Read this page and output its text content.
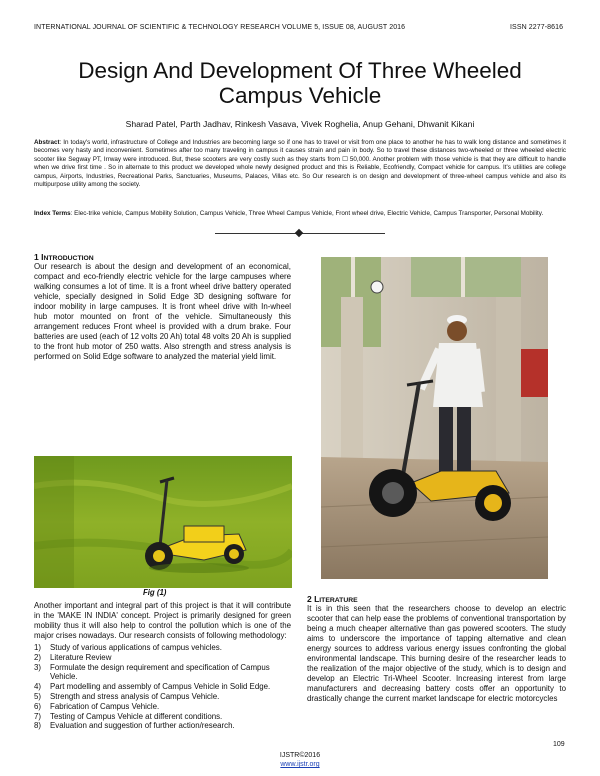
INTERNATIONAL JOURNAL OF SCIENTIFIC & TECHNOLOGY RESEARCH VOLUME 5, ISSUE 08, AUGUST 2016	ISSN 2277-8616
Design And Development Of Three Wheeled
Campus Vehicle
Sharad Patel, Parth Jadhav, Rinkesh Vasava, Vivek Roghelia, Anup Gehani, Dhwanit Kikani
Abstract: In today's world, infrastructure of College and Industries are becoming large so if one has to travel or visit from one place to another he has to walk long distance and sometimes it becomes very hasty and inconvenient. Sometimes after too many traveling in campus it causes strain and pain in body. So to travel these distances two-wheeled or three wheeled electric scooter like Segway PT, Irrway were introduced. But, these scooters are very costly such as they starts from ☐ 50,000. Another problem with those vehicle is that they are difficult to handle when we drive first time . So in alternate to this product we developed whole newly designed product and this is Reliable, Ecofriendly, Compact vehicle for campus. It's utilities are college campus, Airports, Industries, Recreational Parks, Sanctuaries, Museums, Palaces, Villas etc. So Our research is on design and development of three-wheel campus vehicle and also its multipurpose utility among the society.
Index Terms: Elec-trike vehicle, Campus Mobility Solution, Campus Vehicle, Three Wheel Campus Vehicle, Front wheel drive, Electric Vehicle, Campus Transporter, Personal Mobility.
1 INTRODUCTION
Our research is about the design and development of an economical, compact and eco-friendly electric vehicle for the large campuses where walking consumes a lot of time. It is a front wheel drive battery operated vehicle, specially designed in Solid Edge 3D designing software for indoor mobility in large campuses. It is front wheel drive with In-wheel hub motor mounted on front of the vehicle. Simultaneously this arrangement reduces Front wheel is provided with a drum brake. Four batteries are used (each of 12 volts 20 Ah) total 48 volts 20 Ah is supplied to the front hub motor of 250 watts. Also strength and stress analysis is performed on Solid Edge software to analyzed the material yield limit.
Fig (1)
Another important and integral part of this project is that it will contribute in the 'MAKE IN INDIA' concept. Project is primarily designed for green mobility thus it will also help to control the pollution which is one of the major crises nowadays. Our research consists of following methodology:
1)	Study of various applications of campus vehicles.
2)	Literature Review
3)	Formulate the design requirement and specification of Campus Vehicle.
4)	Part modelling and assembly of Campus Vehicle in Solid Edge.
5)	Strength and stress analysis of Campus Vehicle.
6)	Fabrication of Campus Vehicle.
7)	Testing of Campus Vehicle at different conditions.
8)	Evaluation and suggestion of further action/research.
2 LITERATURE
It is in this seen that the researchers choose to develop an electric scooter that can help ease the problems of conventional transportation by being a much cheaper alternative than gas powered scooters. The study aims to underscore the importance of tapping alternative and clean energy sources to address various energy issues confronting the global environmental landscape. This burning desire of the researcher leads to the realization of the major objective of the study, which is to design and develop an Electric Tri-Wheel Scooter. Increasing interest from large manufacturers and decreasing battery costs offer an opportunity to drastically change the current market landscape for electric motorcycles
109
IJSTR©2016
www.ijstr.org
